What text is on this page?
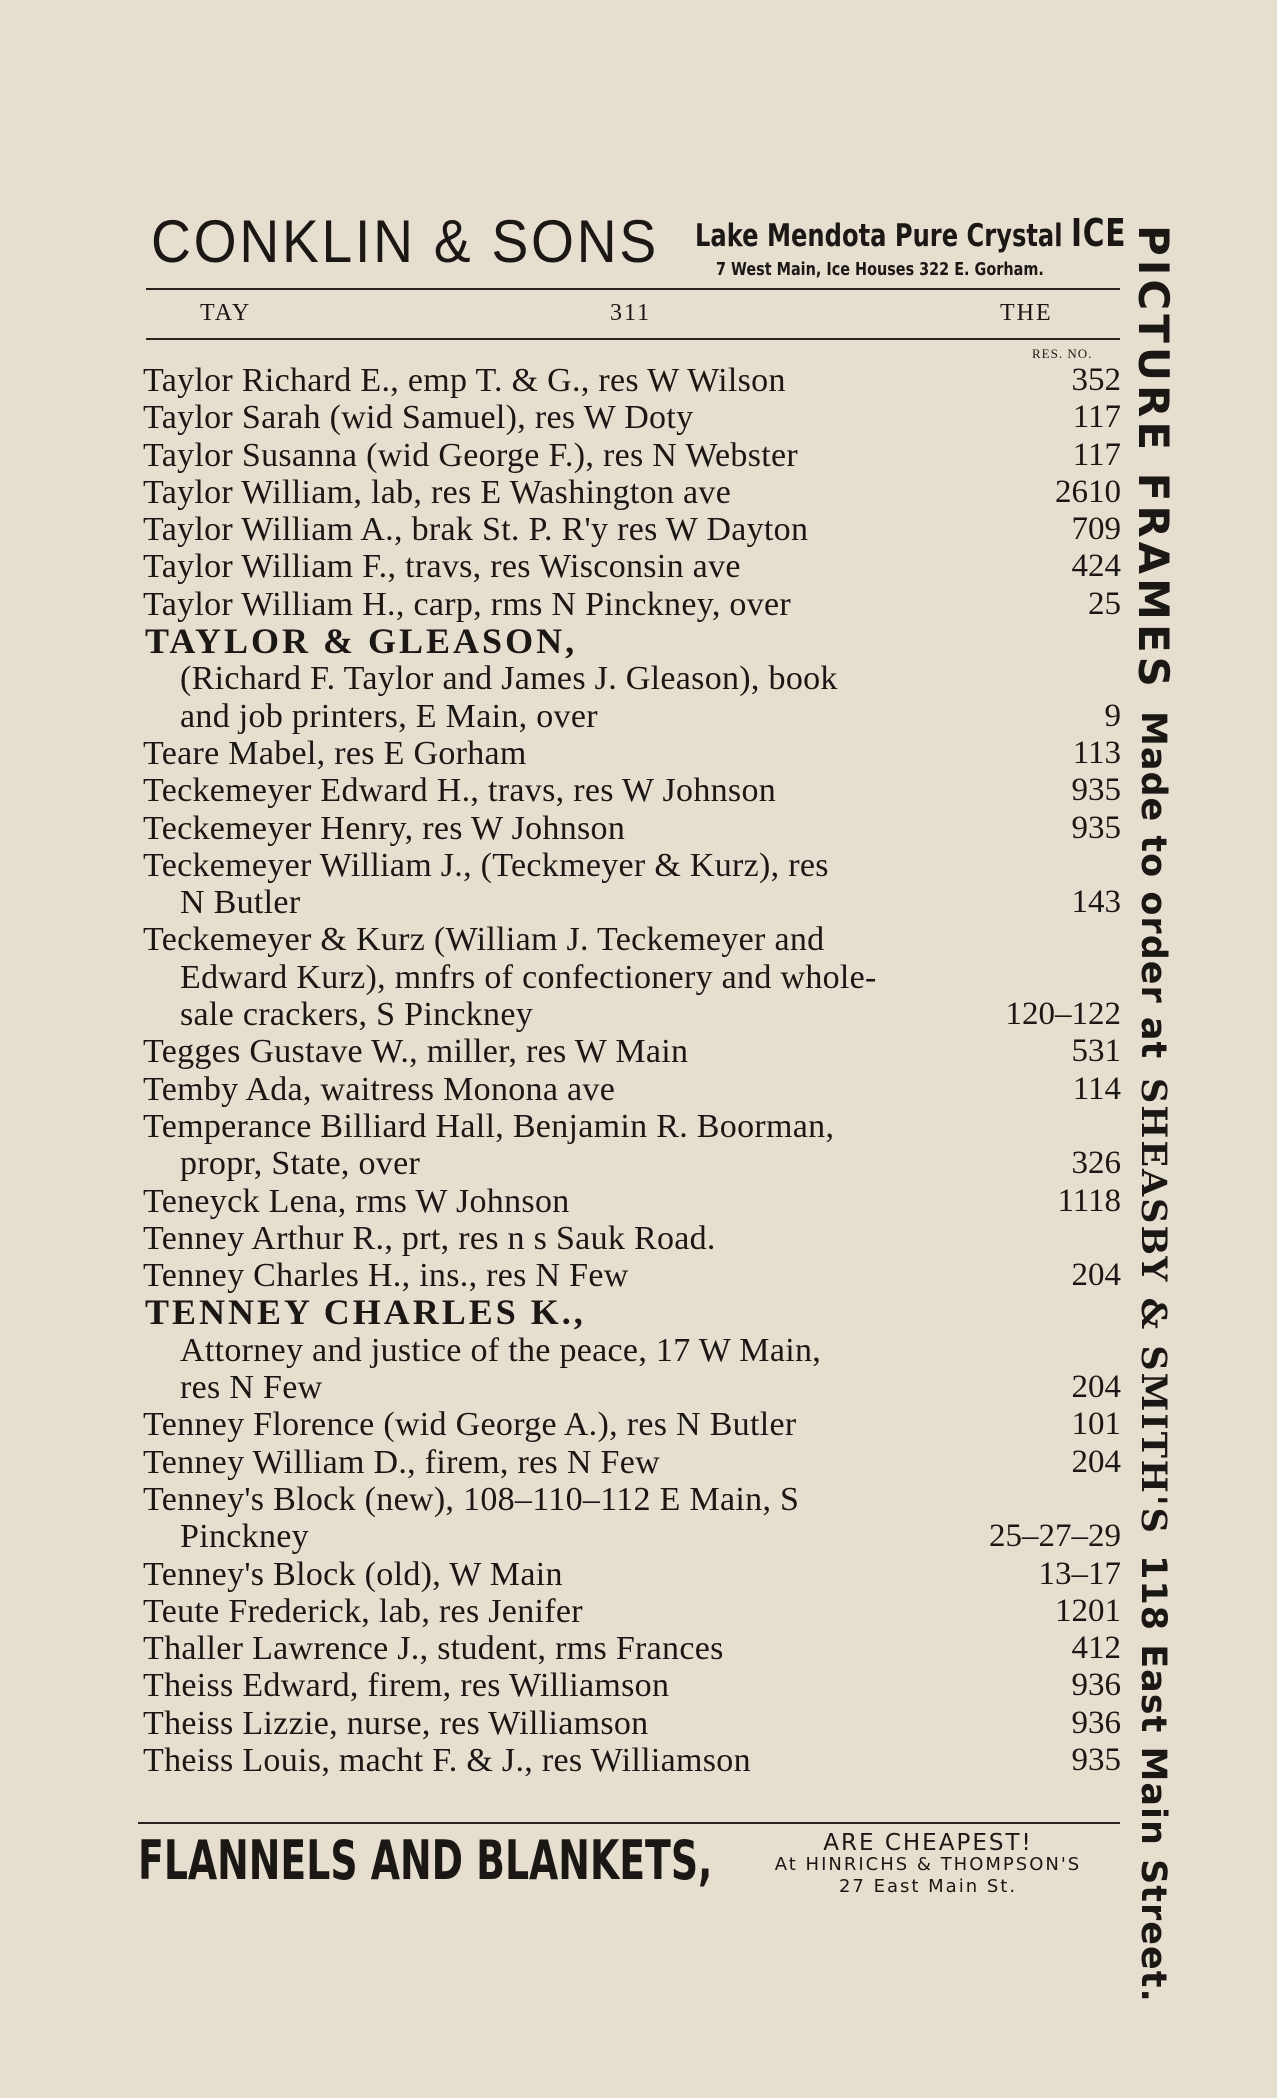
CONKLIN & SONS Lake Mendota Pure Crystal ICE
7 West Main, Ice Houses 322 E. Gorham.
TAY	311	THE
RES. NO.
Taylor Richard E., emp T. & G., res W Wilson	352
Taylor Sarah (wid Samuel), res W Doty	117
Taylor Susanna (wid George F.), res N Webster	117
Taylor William, lab, res E Washington ave	2610
Taylor William A., brak St. P. R'y res W Dayton	709
Taylor William F., travs, res Wisconsin ave	424
Taylor William H., carp, rms N Pinckney, over	25
TAYLOR & GLEASON,
(Richard F. Taylor and James J. Gleason), book
and job printers, E Main, over	9
Teare Mabel, res E Gorham	113
Teckemeyer Edward H., travs, res W Johnson	935
Teckemeyer Henry, res W Johnson	935
Teckemeyer William J., (Teckmeyer & Kurz), res
N Butler	143
Teckemeyer & Kurz (William J. Teckemeyer and
Edward Kurz), mnfrs of confectionery and whole-
sale crackers, S Pinckney	120–122
Tegges Gustave W., miller, res W Main	531
Temby Ada, waitress Monona ave	114
Temperance Billiard Hall, Benjamin R. Boorman,
propr, State, over	326
Teneyck Lena, rms W Johnson	1118
Tenney Arthur R., prt, res n s Sauk Road.
Tenney Charles H., ins., res N Few	204
TENNEY CHARLES K.,
Attorney and justice of the peace, 17 W Main,
res N Few	204
Tenney Florence (wid George A.), res N Butler	101
Tenney William D., firem, res N Few	204
Tenney's Block (new), 108–110–112 E Main, S
Pinckney	25–27–29
Tenney's Block (old), W Main	13–17
Teute Frederick, lab, res Jenifer	1201
Thaller Lawrence J., student, rms Frances	412
Theiss Edward, firem, res Williamson	936
Theiss Lizzie, nurse, res Williamson	936
Theiss Louis, macht F. & J., res Williamson	935
FLANNELS AND BLANKETS,	ARE CHEAPEST!
At HINRICHS & THOMPSON'S
27 East Main St.
PICTURE FRAMES Made to order at SHEASBY & SMITH'S 118 East Main Street.
